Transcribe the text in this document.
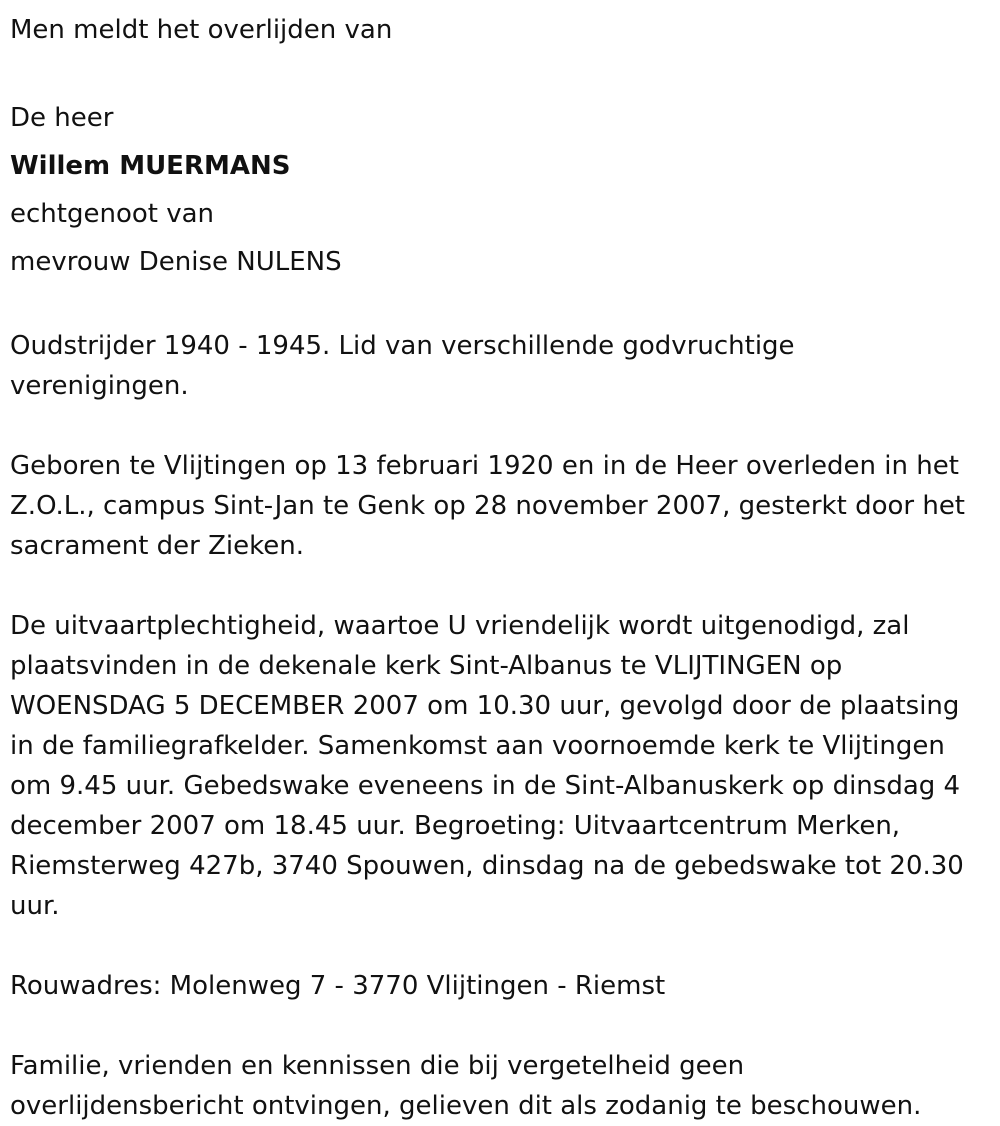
Men meldt het overlijden van
De heer
Willem MUERMANS
echtgenoot van
mevrouw Denise NULENS
Oudstrijder 1940 - 1945. Lid van verschillende godvruchtige
verenigingen.
Geboren te Vlijtingen op 13 februari 1920 en in de Heer overleden in het
Z.O.L., campus Sint-Jan te Genk op 28 november 2007, gesterkt door het
sacrament der Zieken.
De uitvaartplechtigheid, waartoe U vriendelijk wordt uitgenodigd, zal
plaatsvinden in de dekenale kerk Sint-Albanus te VLIJTINGEN op
WOENSDAG 5 DECEMBER 2007 om 10.30 uur, gevolgd door de plaatsing
in de familiegrafkelder. Samenkomst aan voornoemde kerk te Vlijtingen
om 9.45 uur. Gebedswake eveneens in de Sint-Albanuskerk op dinsdag 4
december 2007 om 18.45 uur. Begroeting: Uitvaartcentrum Merken,
Riemsterweg 427b, 3740 Spouwen, dinsdag na de gebedswake tot 20.30
uur.
Rouwadres: Molenweg 7 - 3770 Vlijtingen - Riemst
Familie, vrienden en kennissen die bij vergetelheid geen
overlijdensbericht ontvingen, gelieven dit als zodanig te beschouwen.
